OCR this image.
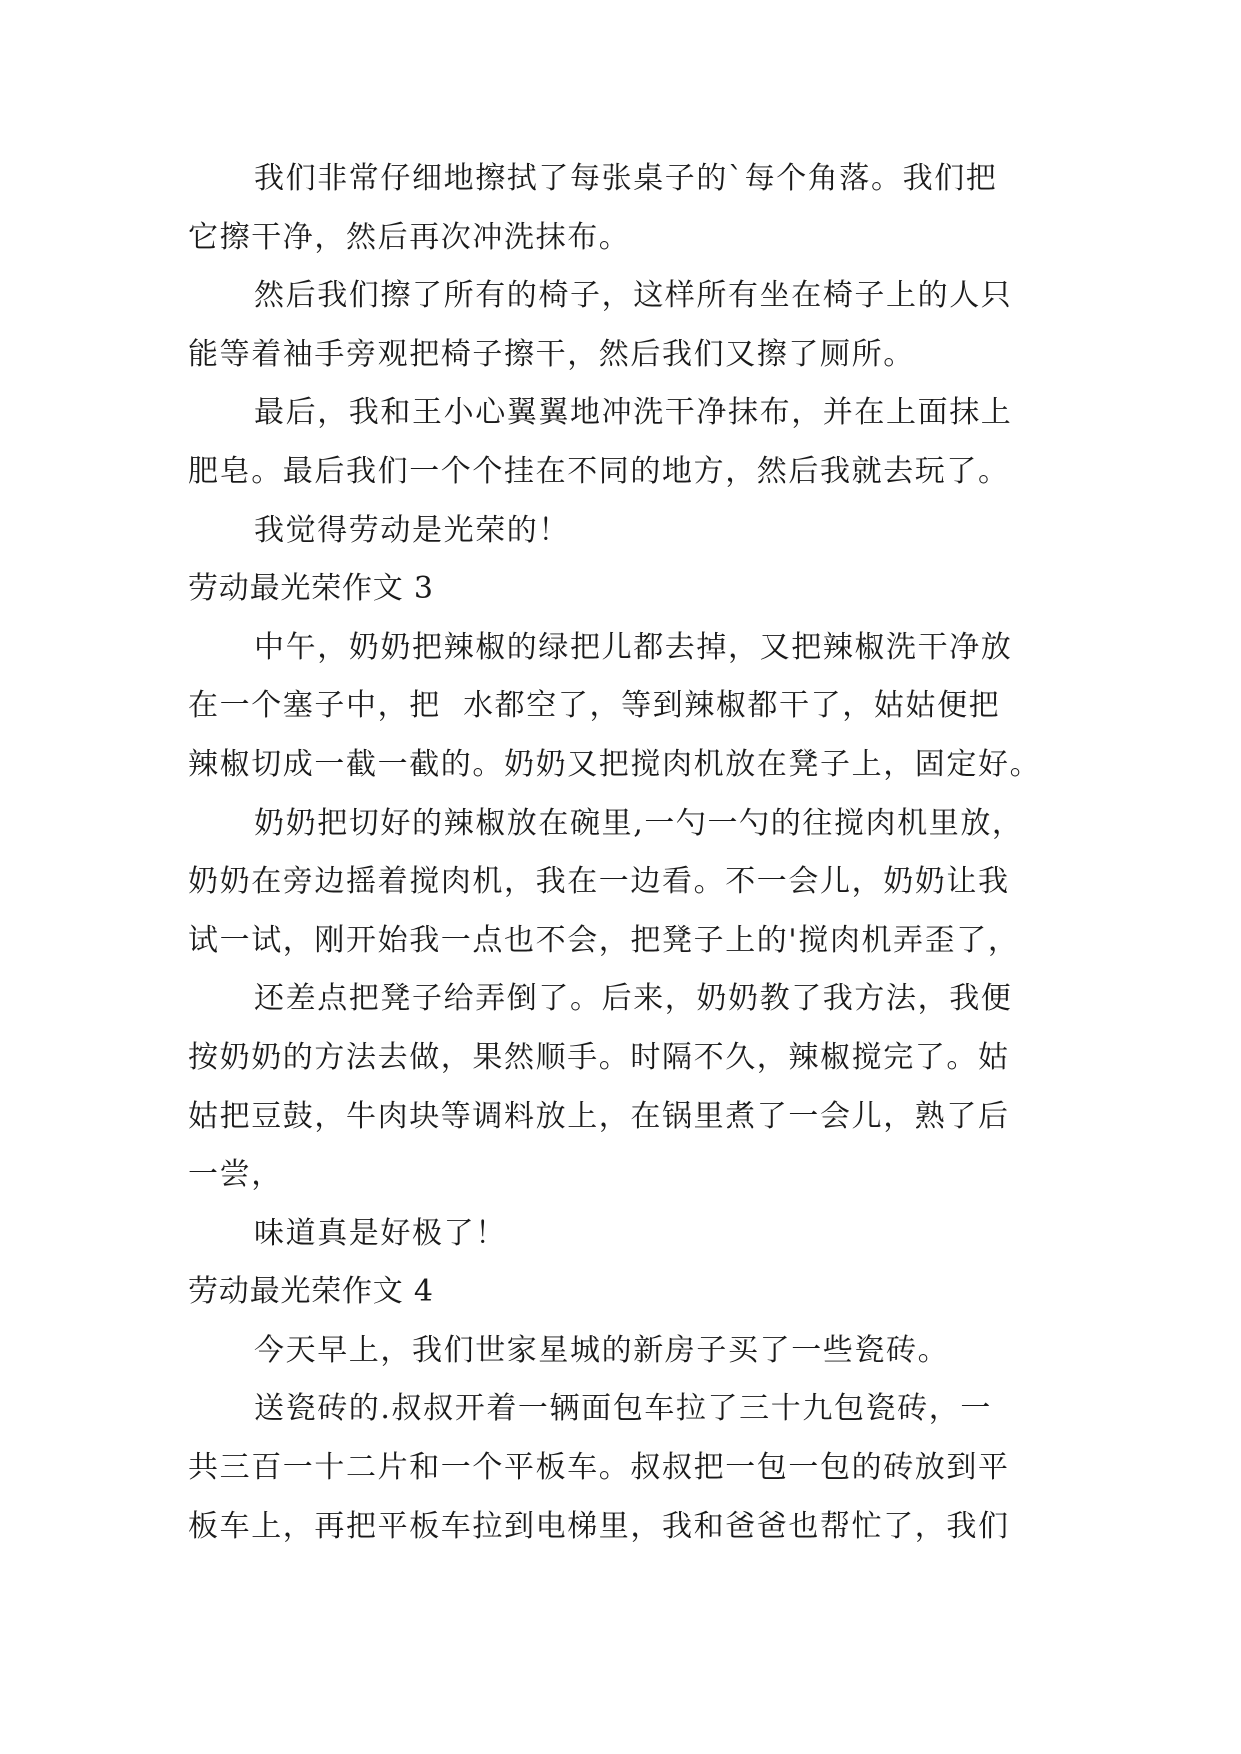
我们非常仔细地擦拭了每张桌子的`每个角落。我们把

它擦干净，然后再次冲洗抹布。

然后我们擦了所有的椅子，这样所有坐在椅子上的人只

能等着袖手旁观把椅子擦干，然后我们又擦了厕所。

最后，我和王小心翼翼地冲洗干净抹布，并在上面抹上

肥皂。最后我们一个个挂在不同的地方，然后我就去玩了。

我觉得劳动是光荣的！

劳动最光荣作文 3

中午，奶奶把辣椒的绿把儿都去掉，又把辣椒洗干净放

在一个塞子中，把  水都空了，等到辣椒都干了，姑姑便把

辣椒切成一截一截的。奶奶又把搅肉机放在凳子上，固定好。

奶奶把切好的辣椒放在碗里,一勺一勺的往搅肉机里放，

奶奶在旁边摇着搅肉机，我在一边看。不一会儿，奶奶让我

试一试，刚开始我一点也不会，把凳子上的'搅肉机弄歪了，

还差点把凳子给弄倒了。后来，奶奶教了我方法，我便

按奶奶的方法去做，果然顺手。时隔不久，辣椒搅完了。姑

姑把豆鼓，牛肉块等调料放上，在锅里煮了一会儿，熟了后

一尝，

味道真是好极了！

劳动最光荣作文 4

今天早上，我们世家星城的新房子买了一些瓷砖。

送瓷砖的.叔叔开着一辆面包车拉了三十九包瓷砖，一

共三百一十二片和一个平板车。叔叔把一包一包的砖放到平

板车上，再把平板车拉到电梯里，我和爸爸也帮忙了，我们
